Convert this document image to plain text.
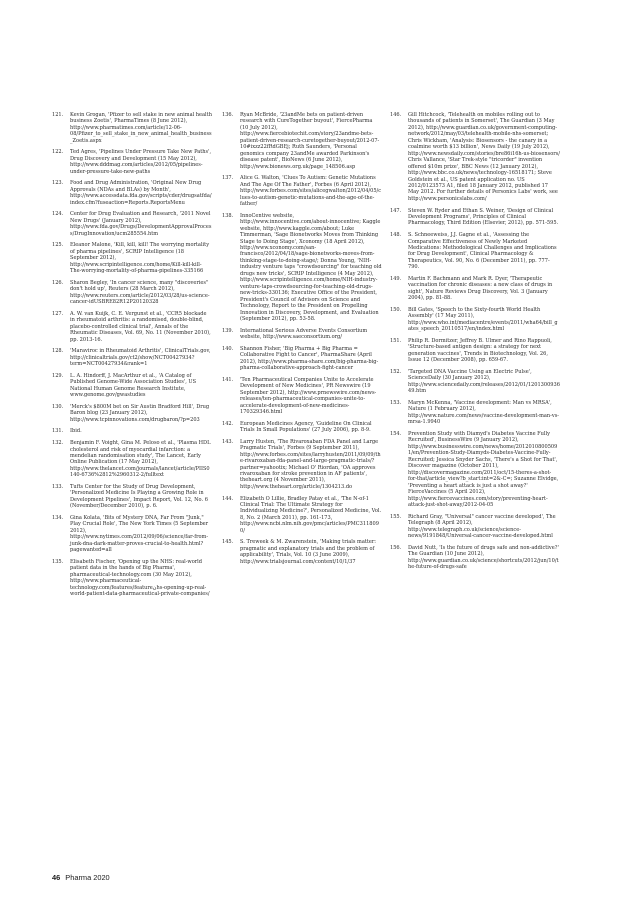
121.	Kevin Grogan, 'Pfizer to sell stake in new animal health business Zoetis', PharmaTimes (8 June 2012), http://www.pharmatimes.com/article/12-06-08/Pfizer_to_sell_stake_in_new_animal_health_business_Zoetis.aspx
122.	Ted Agres, 'Pipelines Under Pressure Take New Paths', Drug Discovery and Development (15 May 2012), http://www.dddmag.com/articles/2012/05/pipelines-under-pressure-take-new-paths
123.	Food and Drug Administration, 'Original New Drug Approvals (NDAs and BLAs) by Month', http://www.accessdata.fda.gov/scripts/cder/drugsatfda/index.cfm?fuseaction=Reports.ReportsMenu
124.	Center for Drug Evaluation and Research, '2011 Novel New Drugs' (January 2012), http://www.fda.gov/Drugs/DevelopmentApprovalProcess/DrugInnovation/ucm285554.htm
125.	Eleanor Malone, 'Kill, kill, kill! The worrying mortality of pharma pipelines', SCRIP Intelligence (18 September 2012), http://www.scripintelligence.com/home/Kill-kill-kill-The-worrying-mortality-of-pharma-pipelines-335166
126.	Sharon Begley, 'In cancer science, many "discoveries" don't hold up', Reuters (28 March 2012), http://www.reuters.com/article/2012/03/28/us-science-cancer-idUSBRE82R12P20120328
127.	A. W. van Kuijk, C. E. Vergunst et al., 'CCR5 blockade in rheumatoid arthritis: a randomised, double-blind, placebo-controlled clinical trial', Annals of the Rheumatic Diseases, Vol. 69, No. 11 (November 2010), pp. 2013-16.
128.	'Maraviroc in Rheumatoid Arthritis', ClinicalTrials.gov, http://clinicaltrials.gov/ct2/show/NCT00427934?term=NCT00427934&rank=1
129.	L. A. Hindorff, J. MacArthur et al., 'A Catalog of Published Genome-Wide Association Studies', US National Human Genome Research Institute, www.genome.gov/gwastudies
130.	'Merck's $800M bet on Sir Austin Bradford Hill', Drug Baron blog (23 January 2012), http://www.tcpinnovations.com/drugbaron/?p=203
131.	Ibid.
132.	Benjamin F. Voight, Gina M. Peloso et al., 'Plasma HDL cholesterol and risk of myocardial infarction: a mendelian randomisation study', The Lancet, Early Online Publication (17 May 2012), http://www.thelancet.com/journals/lancet/article/PIIS0140-6736%2812%2960312-2/fulltext
133.	Tufts Center for the Study of Drug Development, 'Personalized Medicine Is Playing a Growing Role in Development Pipelines', Impact Report, Vol. 12, No. 6 (November/December 2010), p. 6.
134.	Gina Kolata, 'Bits of Mystery DNA, Far From "Junk," Play Crucial Role', The New York Times (5 September 2012), http://www.nytimes.com/2012/09/06/science/far-from-junk-dna-dark-matter-proves-crucial-to-health.html?pagewanted=all
135.	Elisabeth Fischer, 'Opening up the NHS: real-world patient data in the hands of Big Pharma', pharmaceutical-technology.com (30 May 2012), http://www.pharmaceutical-technology.com/features/featureنhs-opening-up-real-world-patient-data-pharmaceutical-private-companies/
136.	Ryan McBride, '23andMe bets on patient-driven research with CureTogether buyout', FiercePharma (10 July 2012), http://www.fiercebiotechit.com/story/23andme-bets-patient-driven-research-curetogether-buyout/2012-07-10#ixzz22fRdGBEj; Ruth Saunders, 'Personal genomics company 23andMe awarded Parkinson's disease patent', BioNews (6 June 2012), http://www.bionews.org.uk/page_148506.asp
137.	Alice G. Walton, 'Clues To Autism: Genetic Mutations And The Age Of The Father', Forbes (6 April 2012), http://www.forbes.com/sites/alicegwalton/2012/04/05/clues-to-autism-genetic-mutations-and-the-age-of-the-father/
138.	InnoCentive website, http://www.innocentive.com/about-innocentive; Kaggle website, http://www.kaggle.com/about; Luke Timmerman, 'Sage Bionetworks Moves from Thinking Stage to Doing Stage', Xconomy (18 April 2012), http://www.xconomy.com/san-francisco/2012/04/18/sage-bionetworks-moves-from-thinking-stage-to-doing-stage/; Donna Young, 'NIH-industry venture taps "crowdsourcing" for teaching old drugs new tricks', SCRIP Intelligence (4 May 2012), http://www.scripintelligence.com/home/NIH-industry-venture-taps-crowdsourcing-for-teaching-old-drugs-new-tricks-330136; Executive Office of the President, President's Council of Advisors on Science and Technology, Report to the President on Propelling Innovation in Discovery, Development, and Evaluation (September 2012), pp. 53-58.
139.	International Serious Adverse Events Consortium website, http://www.saeconsortium.org/
140.	Shannon Fisher, 'Big Pharma + Big Pharma = Collaborative Fight to Cancer', PharmaShare (April 2012), http://www.pharma-share.com/big-pharma-big-pharma-collaborative-approach-fight-cancer
141.	'Ten Pharmaceutical Companies Unite to Accelerate Development of New Medicines', PR Newswire (19 September 2012), http://www.prnewswire.com/news-releases/ten-pharmaceutical-companies-unite-to-accelerate-development-of-new-medicines-170329346.html
142.	European Medicines Agency, 'Guideline On Clinical Trials In Small Populations' (27 July 2006), pp. 8-9.
143.	Larry Husten, 'The Rivaroxaban FDA Panel and Large Pragmatic Trials', Forbes (9 September 2011), http://www.forbes.com/sites/larryhusten/2011/09/09/the-rivaroxaban-fda-panel-and-large-pragmatic-trials/?partner=yahootix; Michael O' Riordan, 'OA approves rivaroxaban for stroke prevention in AF patients', theheart.org (4 November 2011), http://www.theheart.org/article/1304213.do
144.	Elizabeth O Lillie, Bradley Patay et al., 'The N-of-1 Clinical Trial: The Ultimate Strategy for Individualizing Medicine?', Personalized Medicine, Vol. 8, No. 2 (March 2011), pp. 161-173, http://www.ncbi.nlm.nih.gov/pmc/articles/PMC3118090/
145.	S. Treweek & M. Zwarenstein, 'Making trials matter: pragmatic and explanatory trials and the problem of applicability', Trials, Vol. 10 (3 June 2009), http://www.trialsjournal.com/content/10/1/37
146.	Gill Hitchcock, 'Telehealth on mobiles rolling out to thousands of patients in Somerset', The Guardian (3 May 2012), http://www.guardian.co.uk/government-computing-network/2012/may/03/telehealth-mobile-nhs-somerset; Chris Wickham, 'Analysis: Biosensors - the canary in a coalmine worth $13 billion', News Daily (19 July 2012), http://www.newsdaily.com/stories/bre86i16h-us-biosensors/ Chris Vallance, 'Star Trek-style "tricorder" invention offered $10m prize', BBC News (12 January 2012), http://www.bbc.co.uk/news/technology-16518171; Steve Goldstein et al., US patent application no. US 2012/0123573 A1, filed 18 January 2012, published 17 May 2012. For further details of Personics Labs' work, see http://www.personicslabs.com/
147.	Steven W. Ryder and Ethan S. Weiner, 'Design of Clinical Development Programs', Principles of Clinical Pharmacology, Third Edition (Elsevier, 2012), pp. 571-595.
148.	S. Schneeweiss, J.J. Gagne et al., 'Assessing the Comparative Effectiveness of Newly Marketed Medications: Methodological Challenges and Implications for Drug Development', Clinical Pharmacology & Therapeutics, Vol. 90, No. 6 (December 2011), pp. 777-790.
149.	Martin F. Bachmann and Mark R. Dyer, 'Therapeutic vaccination for chronic diseases: a new class of drugs in sight', Nature Reviews Drug Discovery, Vol. 3 (January 2004), pp. 81-88.
150.	Bill Gates, 'Speech to the Sixty-fourth World Health Assembly' (17 May 2011), http://www.who.int/mediacentre/events/2011/wha64/bill_gates_speech_20110517/en/index.html
151.	Philip R. Dormitzer, Jeffrey B. Ulmer and Rino Rappuoli, 'Structure-based antigen design: a strategy for next generation vaccines', Trends in Biotechnology, Vol. 26, Issue 12 (December 2008), pp. 659-67.
152.	'Targeted DNA Vaccine Using an Electric Pulse', ScienceDaily (30 January 2012), http://www.sciencedaily.com/releases/2012/01/120130093649.htm
153.	Maryn McKenna, 'Vaccine development: Man vs MRSA', Nature (1 February 2012), http://www.nature.com/news/vaccine-development-man-vs-mrsa-1.9940
154.	Prevention Study with Diamyd's Diabetes Vaccine Fully Recruited', BusinessWire (9 January 2012), http://www.businesswire.com/news/home/20120108005091/en/Prevention-Study-Diamyds-Diabetes-Vaccine-Fully-Recruited; Jessica Snyder Sachs, 'There's a Shot for That', Discover magazine (October 2011), http://discovermagazine.com/2011/oct/15-theres-a-shot-for-that/article_view?b_start:int=2&-C=; Suzanne Elvidge, 'Preventing a heart attack is just a shot away?' FierceVaccines (5 April 2012), http://www.fiercevaccines.com/story/preventing-heart-attack-just-shot-away/2012-04-05
155.	Richard Gray, "Universal" cancer vaccine developed', The Telegraph (8 April 2012), http://www.telegraph.co.uk/science/science-news/9191848/Universal-cancer-vaccine-developed.html
156.	David Nutt, 'Is the future of drugs safe and non-addictive?' The Guardian (10 June 2012), http://www.guardian.co.uk/science/shortcuts/2012/jun/10/the-future-of-drugs-safe
46 Pharma 2020
